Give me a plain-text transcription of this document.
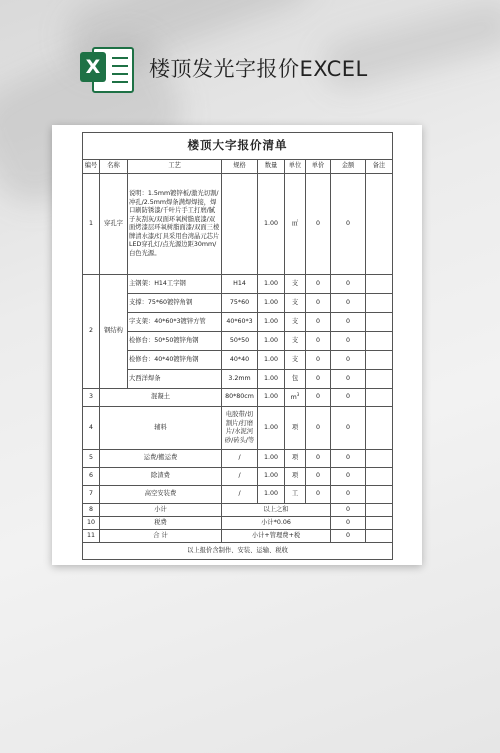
X 楼顶发光字报价EXCEL
楼顶大字报价清单								
编号	名称	工艺	规格	数量	单位	单价	金额	备注
1	穿孔字	说明：1.5mm镀锌板/激光切割/冲孔/2.5mm焊条满焊焊接，焊口刷防锈漆/千叶片手工打磨/腻子灰刮灰/双面环氧树脂底漆/双面烤漆层环氧树脂面漆/双面三棱牌清水漆/灯具采用台湾晶元芯片LED穿孔灯/点光源边距30mm/白色光源。		1.00	㎡	0	0	
2	钢结构	主钢架：H14工字钢	H14	1.00	支	0	0	
		支撑：75*60镀锌角钢	75*60	1.00	支	0	0	
		字支架：40*60*3镀锌方管	40*60*3	1.00	支	0	0	
		检修台：50*50镀锌角钢	50*50	1.00	支	0	0	
		检修台：40*40镀锌角钢	40*40	1.00	支	0	0	
		大西洋焊条	3.2mm	1.00	包	0	0	
3	混凝土		80*80cm	1.00	$m^3$	0	0	
4	辅料		电胶带/切割片/打磨片/水泥河砂/砖头/等	1.00	项	0	0	
5	运费/搬运费		/	1.00	项	0	0	
6	除渣费		/	1.00	项	0	0	
7	高空安装费		/	1.00	工	0	0	
8	小计		以上之和				0	
10	税费		小计*0.06				0	
11	合 计		小计+管理费+税				0	
以上报价含制作、安装、运输、税收								
